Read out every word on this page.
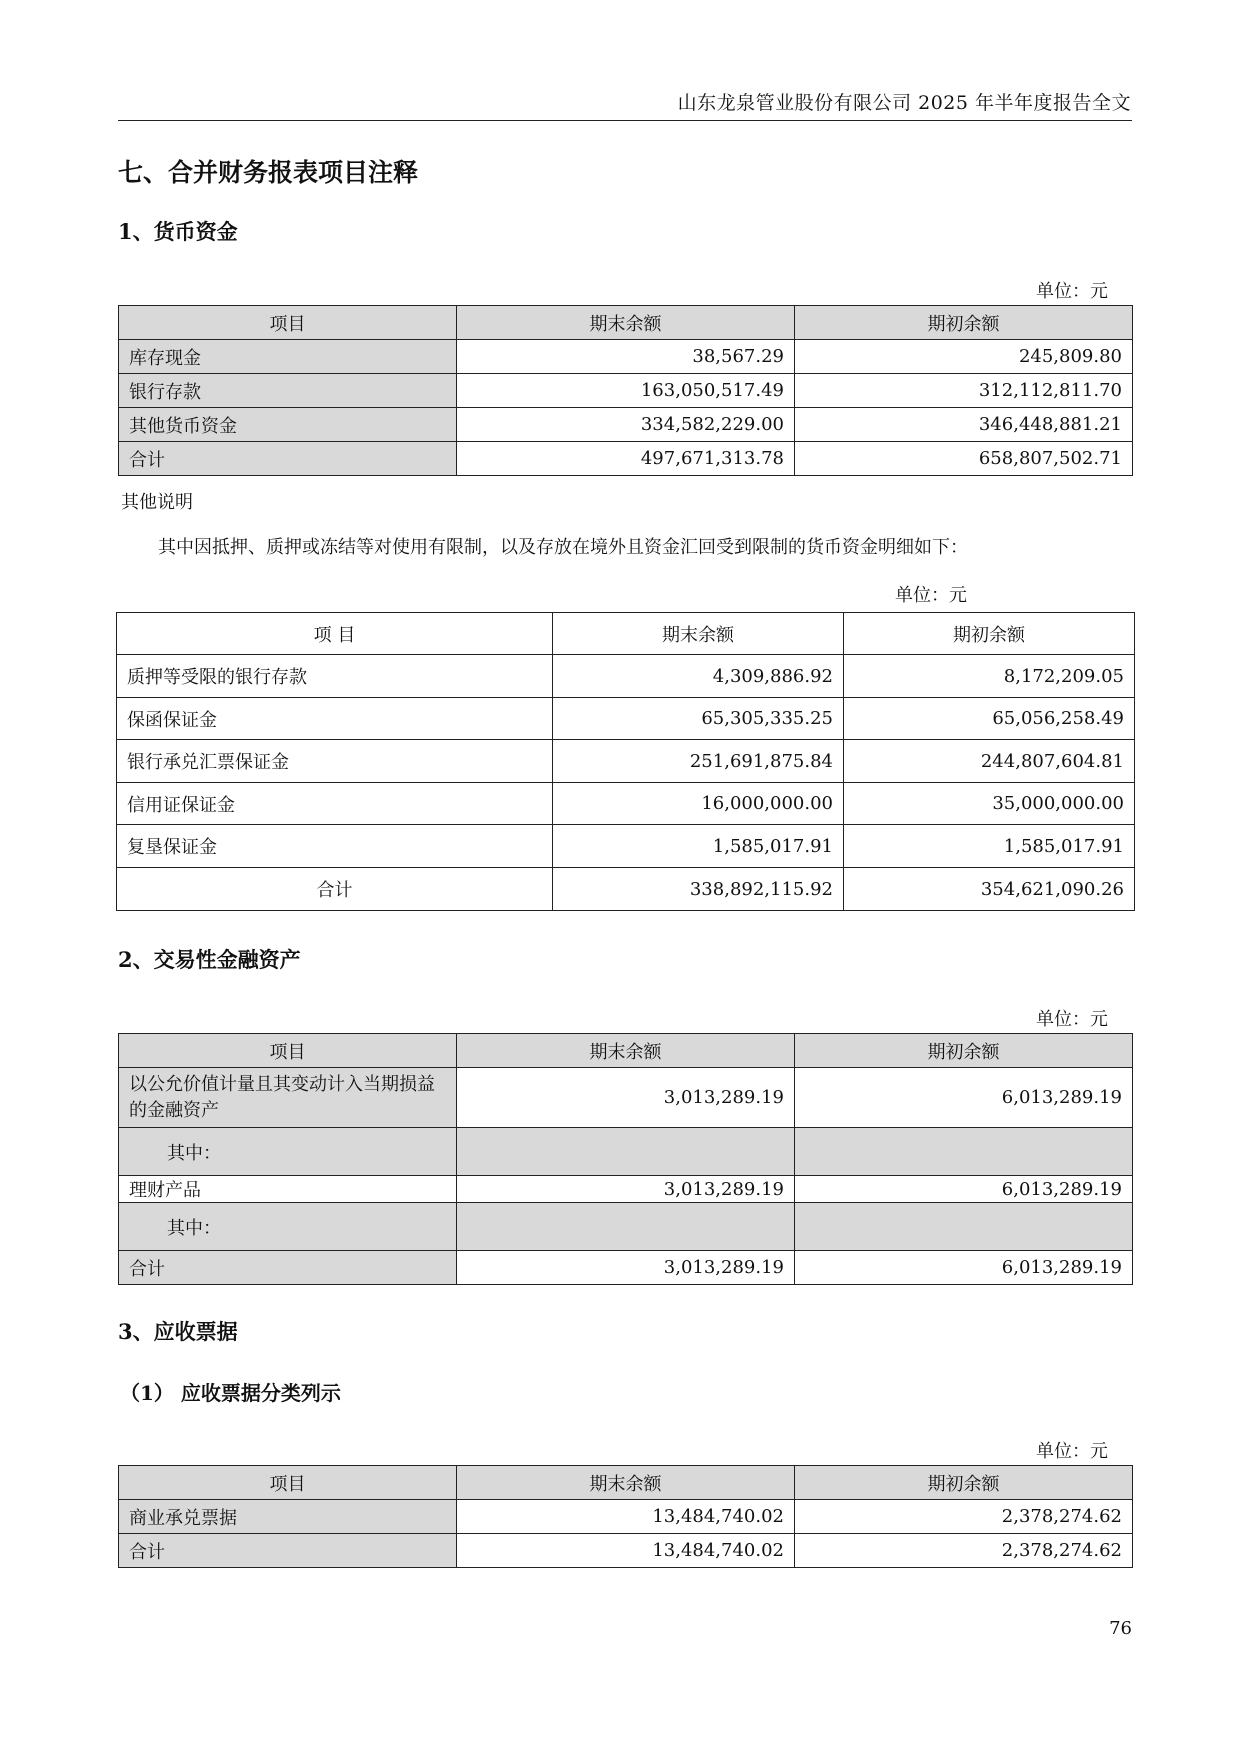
山东龙泉管业股份有限公司 2025 年半年度报告全文
七、合并财务报表项目注释
1、货币资金
单位：元
项目	期末余额	期初余额
库存现金	38,567.29	245,809.80
银行存款	163,050,517.49	312,112,811.70
其他货币资金	334,582,229.00	346,448,881.21
合计	497,671,313.78	658,807,502.71
其他说明
其中因抵押、质押或冻结等对使用有限制，以及存放在境外且资金汇回受到限制的货币资金明细如下：
单位：元
项 目	期末余额	期初余额
质押等受限的银行存款	4,309,886.92	8,172,209.05
保函保证金	65,305,335.25	65,056,258.49
银行承兑汇票保证金	251,691,875.84	244,807,604.81
信用证保证金	16,000,000.00	35,000,000.00
复垦保证金	1,585,017.91	1,585,017.91
合计	338,892,115.92	354,621,090.26
2、交易性金融资产
单位：元
项目	期末余额	期初余额
以公允价值计量且其变动计入当期损益的金融资产	3,013,289.19	6,013,289.19
其中：		
理财产品	3,013,289.19	6,013,289.19
其中：		
合计	3,013,289.19	6,013,289.19
3、应收票据
（1） 应收票据分类列示
单位：元
项目	期末余额	期初余额
商业承兑票据	13,484,740.02	2,378,274.62
合计	13,484,740.02	2,378,274.62
76
